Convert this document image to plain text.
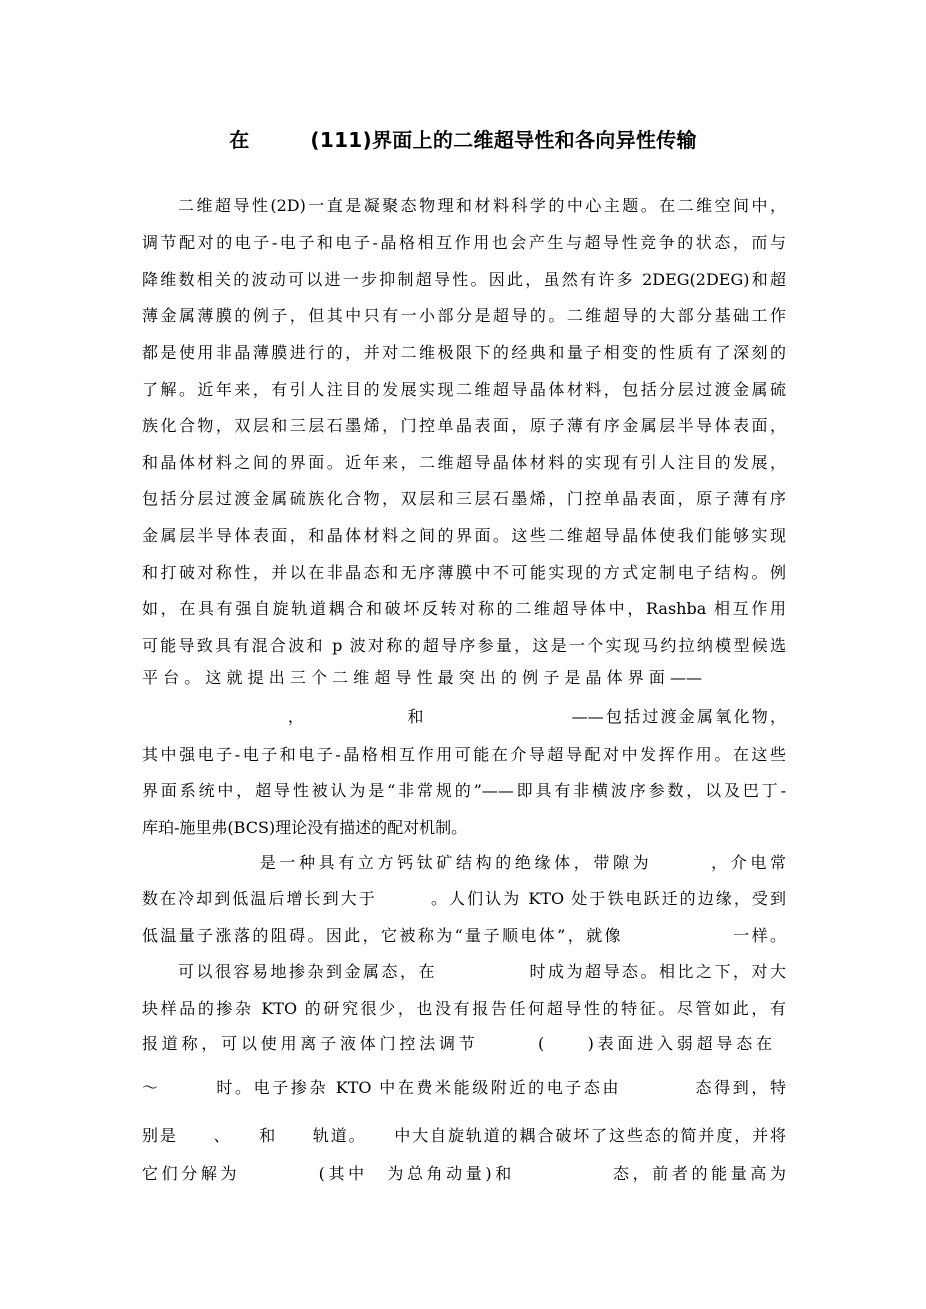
在　　　(111)界面上的二维超导性和各向异性传输
二维超导性(2D)一直是凝聚态物理和材料科学的中心主题。在二维空间中，
调节配对的电子-电子和电子-晶格相互作用也会产生与超导性竞争的状态，而与
降维数相关的波动可以进一步抑制超导性。因此，虽然有许多 2DEG(2DEG)和超
薄金属薄膜的例子，但其中只有一小部分是超导的。二维超导的大部分基础工作
都是使用非晶薄膜进行的，并对二维极限下的经典和量子相变的性质有了深刻的
了解。近年来，有引人注目的发展实现二维超导晶体材料，包括分层过渡金属硫
族化合物，双层和三层石墨烯，门控单晶表面，原子薄有序金属层半导体表面，
和晶体材料之间的界面。近年来，二维超导晶体材料的实现有引人注目的发展，
包括分层过渡金属硫族化合物，双层和三层石墨烯，门控单晶表面，原子薄有序
金属层半导体表面，和晶体材料之间的界面。这些二维超导晶体使我们能够实现
和打破对称性，并以在非晶态和无序薄膜中不可能实现的方式定制电子结构。例
如，在具有强自旋轨道耦合和破坏反转对称的二维超导体中，Rashba 相互作用
可能导致具有混合波和 p 波对称的超导序参量，这是一个实现马约拉纳模型候选
平台。这就提出三个二维超导性最突出的例子是晶体界面——
　　　　　　　　，　　　　　　和　　　　　　　　——包括过渡金属氧化物，
其中强电子-电子和电子-晶格相互作用可能在介导超导配对中发挥作用。在这些
界面系统中，超导性被认为是“非常规的”——即具有非横波序参数，以及巴丁-
库珀-施里弗(BCS)理论没有描述的配对机制。
　　　　　　是一种具有立方钙钛矿结构的绝缘体，带隙为　　　，介电常
数在冷却到低温后增长到大于　　　。人们认为 KTO 处于铁电跃迁的边缘，受到
低温量子涨落的阻碍。因此，它被称为“量子顺电体”，就像　　　　　　一样。
可以很容易地掺杂到金属态，在　　　　　时成为超导态。相比之下，对大
块样品的掺杂 KTO 的研究很少，也没有报告任何超导性的特征。尽管如此，有
报道称，可以使用离子液体门控法调节　　　(　　)表面进入弱超导态在
～　　　时。电子掺杂 KTO 中在费米能级附近的电子态由　　　　态得到，特
别是　　、　　和　　轨道。　　中大自旋轨道的耦合破坏了这些态的简并度，并将
它们分解为　　　　(其中　为总角动量)和　　　　　态，前者的能量高为
